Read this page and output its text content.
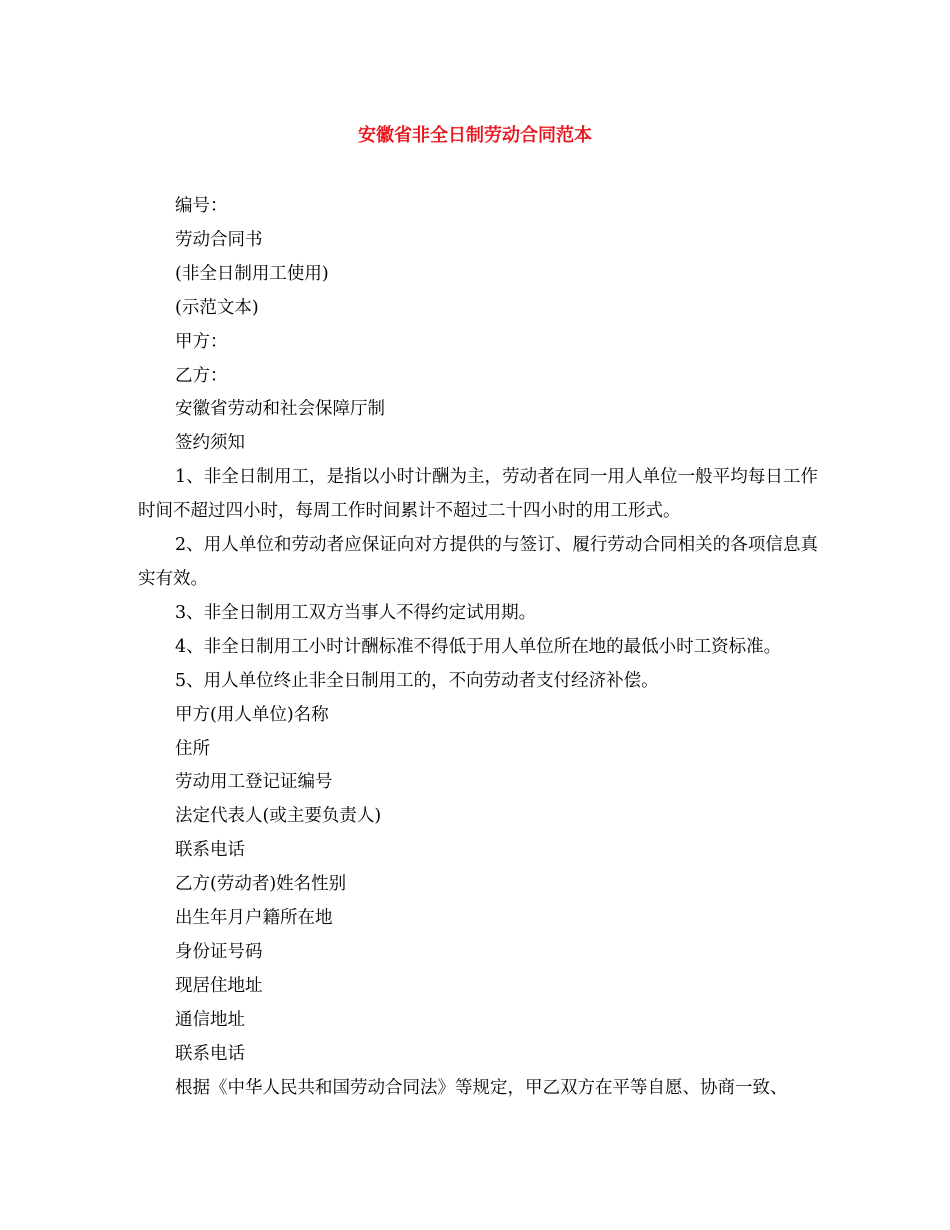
安徽省非全日制劳动合同范本
编号：
劳动合同书
(非全日制用工使用)
(示范文本)
甲方：
乙方：
安徽省劳动和社会保障厅制
签约须知
1、非全日制用工，是指以小时计酬为主，劳动者在同一用人单位一般平均每日工作时间不超过四小时，每周工作时间累计不超过二十四小时的用工形式。
2、用人单位和劳动者应保证向对方提供的与签订、履行劳动合同相关的各项信息真实有效。
3、非全日制用工双方当事人不得约定试用期。
4、非全日制用工小时计酬标准不得低于用人单位所在地的最低小时工资标准。
5、用人单位终止非全日制用工的，不向劳动者支付经济补偿。
甲方(用人单位)名称
住所
劳动用工登记证编号
法定代表人(或主要负责人)
联系电话
乙方(劳动者)姓名性别
出生年月户籍所在地
身份证号码
现居住地址
通信地址
联系电话
根据《中华人民共和国劳动合同法》等规定，甲乙双方在平等自愿、协商一致、
